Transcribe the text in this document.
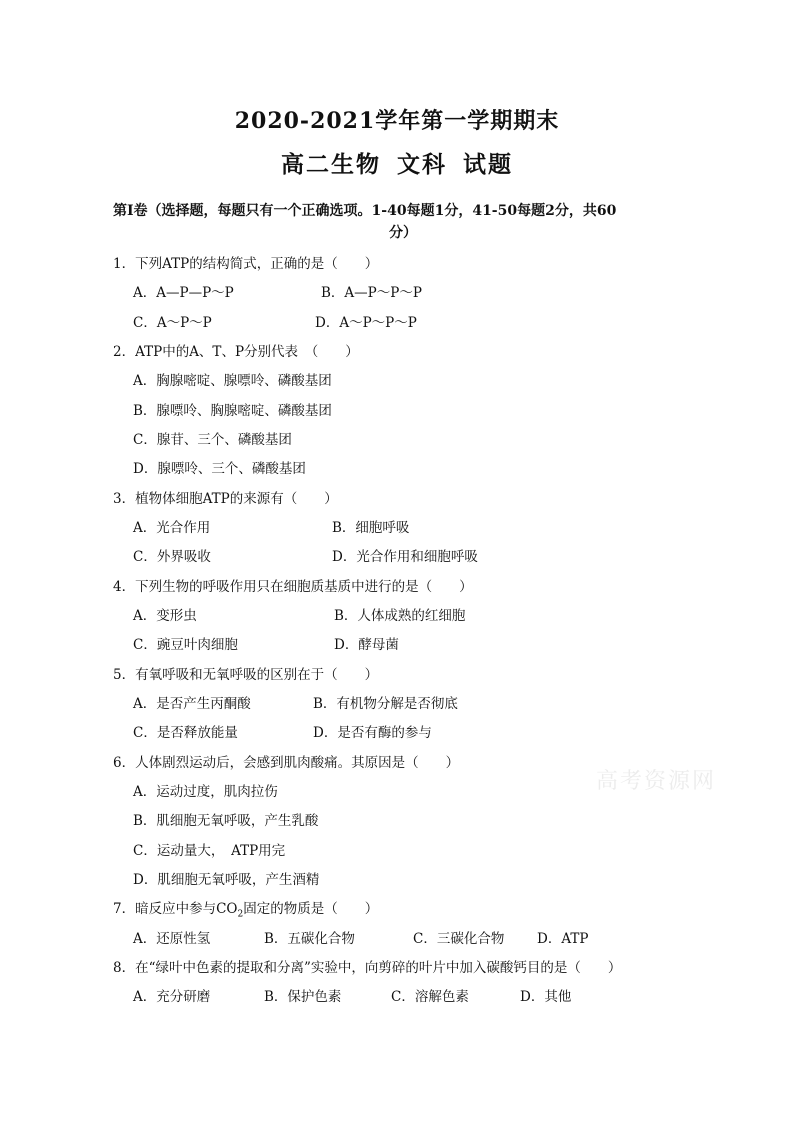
2020-2021学年第一学期期末
高二生物 文科 试题
第Ⅰ卷（选择题，每题只有一个正确选项。1-40每题1分，41-50每题2分，共60
分）
1．下列ATP的结构简式，正确的是（　　）
A．A—P—P～P	B．A—P～P～P
C．A～P～P	D．A～P～P～P
2．ATP中的A、T、P分别代表　（　　）
A．胸腺嘧啶、腺嘌呤、磷酸基团
B．腺嘌呤、胸腺嘧啶、磷酸基团
C．腺苷、三个、磷酸基团
D．腺嘌呤、三个、磷酸基团
3．植物体细胞ATP的来源有（　　）
A．光合作用	B．细胞呼吸
C．外界吸收	D．光合作用和细胞呼吸
4．下列生物的呼吸作用只在细胞质基质中进行的是（　　）
A．变形虫	B．人体成熟的红细胞
C．豌豆叶肉细胞	D．酵母菌
5．有氧呼吸和无氧呼吸的区别在于（　　）
A．是否产生丙酮酸	B．有机物分解是否彻底
C．是否释放能量	D．是否有酶的参与
6．人体剧烈运动后，会感到肌肉酸痛。其原因是（　　）
A．运动过度，肌肉拉伤
B．肌细胞无氧呼吸，产生乳酸
C．运动量大，　ATP用完
D．肌细胞无氧呼吸，产生酒精
7．暗反应中参与$CO_2$固定的物质是（　　）
A．还原性氢	B．五碳化合物	C．三碳化合物 D．ATP
8．在“绿叶中色素的提取和分离”实验中，向剪碎的叶片中加入碳酸钙目的是（　　）
A．充分研磨	B．保护色素	C．溶解色素	D．其他
高考资源网
